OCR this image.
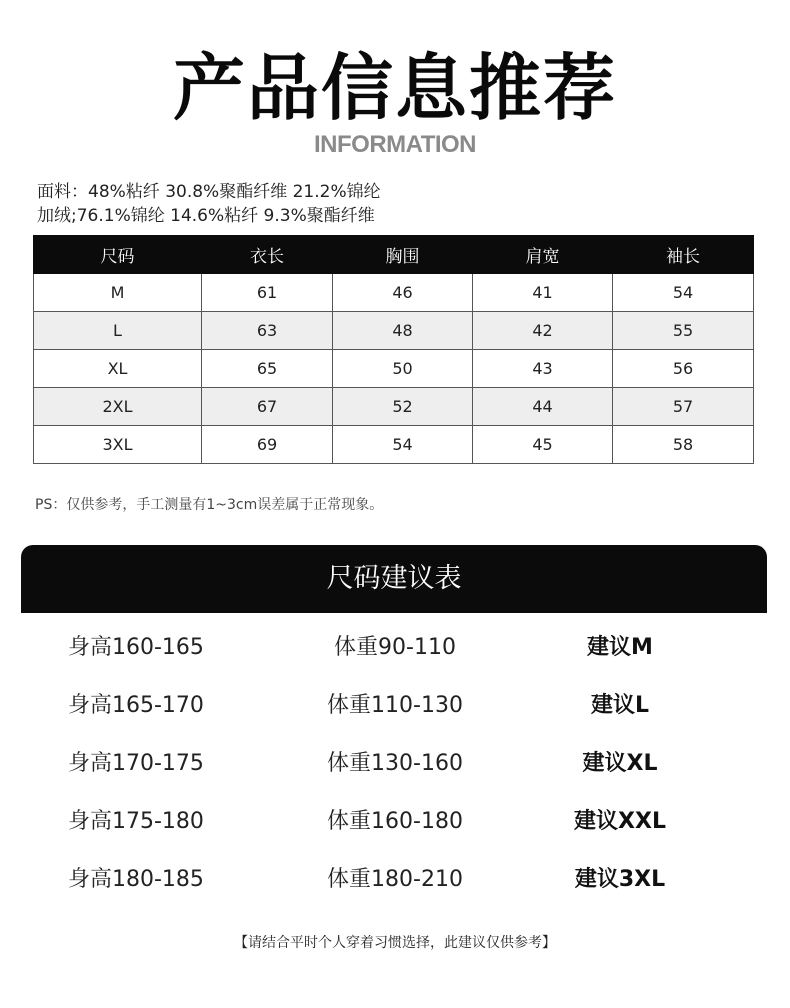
产品信息推荐
INFORMATION
面料：48%粘纤 30.8%聚酯纤维 21.2%锦纶
加绒;76.1%锦纶 14.6%粘纤 9.3%聚酯纤维
尺码	衣长	胸围	肩宽	袖长
M	61	46	41	54
L	63	48	42	55
XL	65	50	43	56
2XL	67	52	44	57
3XL	69	54	45	58
PS：仅供参考，手工测量有1~3cm误差属于正常现象。
尺码建议表
身高160-165	体重90-110	建议M
身高165-170	体重110-130	建议L
身高170-175	体重130-160	建议XL
身高175-180	体重160-180	建议XXL
身高180-185	体重180-210	建议3XL
【请结合平时个人穿着习惯选择，此建议仅供参考】
